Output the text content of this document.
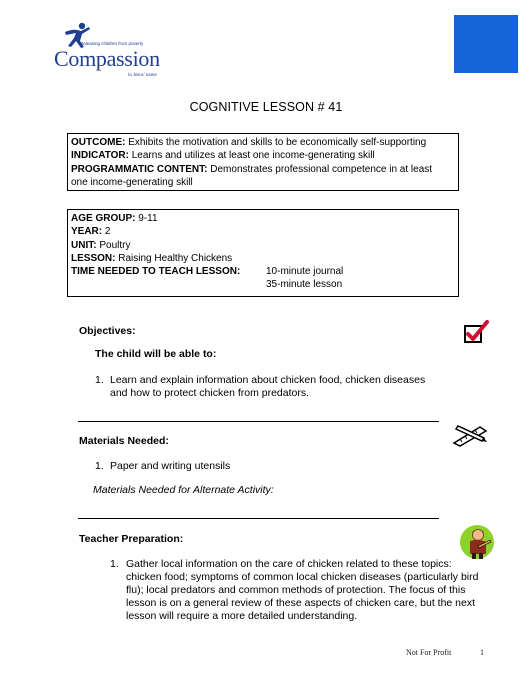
Releasing children from poverty
Compassion
in Jesus' name
COGNITIVE LESSON # 41
OUTCOME: Exhibits the motivation and skills to be economically self-supporting
INDICATOR: Learns and utilizes at least one income-generating skill
PROGRAMMATIC CONTENT: Demonstrates professional competence in at least
one income-generating skill
AGE GROUP: 9-11
YEAR: 2
UNIT: Poultry
LESSON: Raising Healthy Chickens
TIME NEEDED TO TEACH LESSON:	10-minute journal
35-minute lesson
Objectives:
The child will be able to:
1. Learn and explain information about chicken food, chicken diseases
and how to protect chicken from predators.
Materials Needed:
1. Paper and writing utensils
Materials Needed for Alternate Activity:
Teacher Preparation:
1. Gather local information on the care of chicken related to these topics:
chicken food; symptoms of common local chicken diseases (particularly bird
flu); local predators and common methods of protection. The focus of this
lesson is on a general review of these aspects of chicken care, but the next
lesson will require a more detailed understanding.
Not For Profit	1
